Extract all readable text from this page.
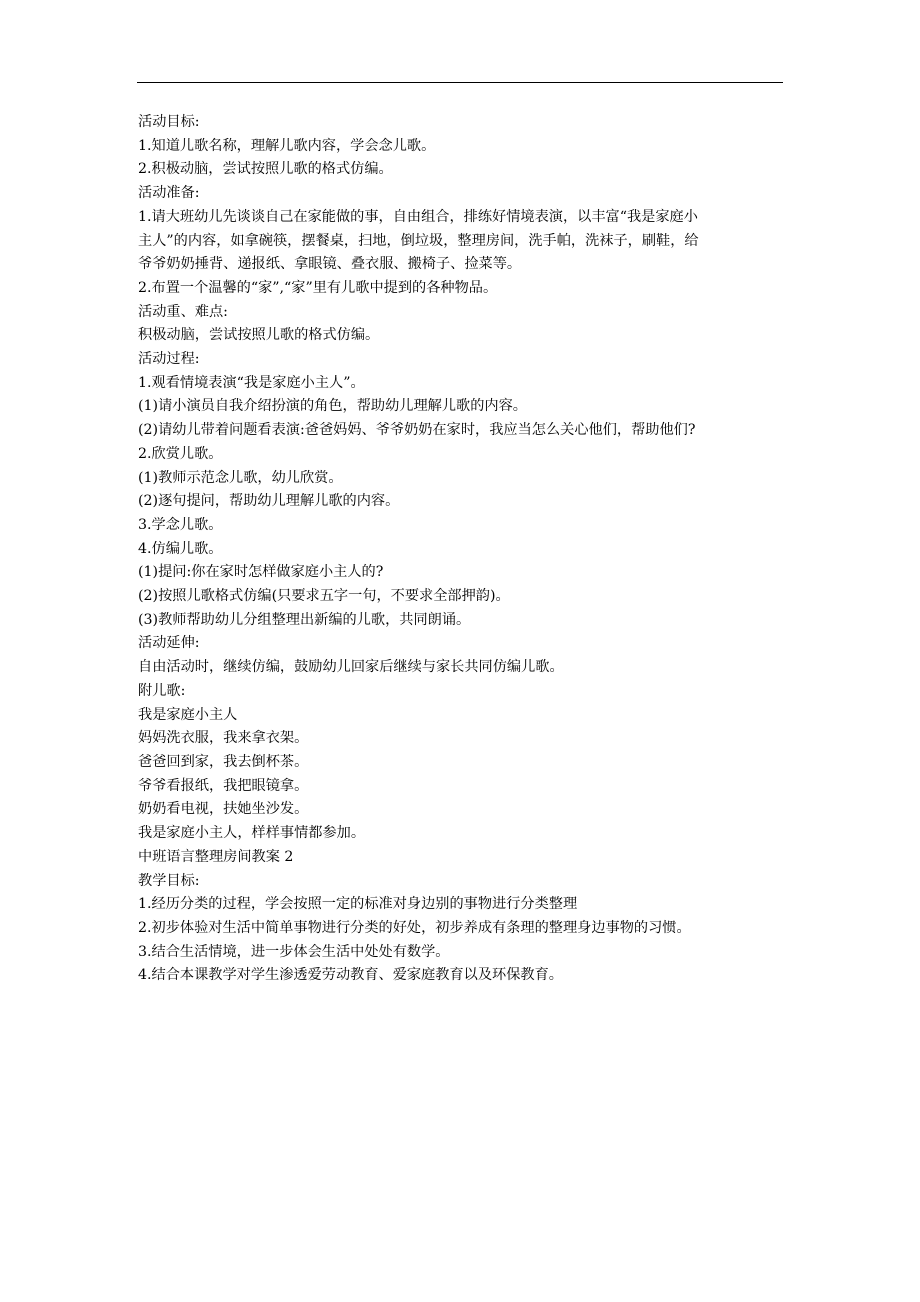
活动目标:
1.知道儿歌名称，理解儿歌内容，学会念儿歌。
2.积极动脑，尝试按照儿歌的格式仿编。
活动准备:
1.请大班幼儿先谈谈自己在家能做的事，自由组合，排练好情境表演，以丰富“我是家庭小
主人”的内容，如拿碗筷，摆餐桌，扫地，倒垃圾，整理房间，洗手帕，洗袜子，刷鞋，给
爷爷奶奶捶背、递报纸、拿眼镜、叠衣服、搬椅子、捡菜等。
2.布置一个温馨的“家”,“家”里有儿歌中提到的各种物品。
活动重、难点:
积极动脑，尝试按照儿歌的格式仿编。
活动过程:
1.观看情境表演“我是家庭小主人”。
(1)请小演员自我介绍扮演的角色，帮助幼儿理解儿歌的内容。
(2)请幼儿带着问题看表演:爸爸妈妈、爷爷奶奶在家时，我应当怎么关心他们，帮助他们?
2.欣赏儿歌。
(1)教师示范念儿歌，幼儿欣赏。
(2)逐句提问，帮助幼儿理解儿歌的内容。
3.学念儿歌。
4.仿编儿歌。
(1)提问:你在家时怎样做家庭小主人的?
(2)按照儿歌格式仿编(只要求五字一句，不要求全部押韵)。
(3)教师帮助幼儿分组整理出新编的儿歌，共同朗诵。
活动延伸:
自由活动时，继续仿编，鼓励幼儿回家后继续与家长共同仿编儿歌。
附儿歌:
我是家庭小主人
妈妈洗衣服，我来拿衣架。
爸爸回到家，我去倒杯茶。
爷爷看报纸，我把眼镜拿。
奶奶看电视，扶她坐沙发。
我是家庭小主人，样样事情都参加。
中班语言整理房间教案 2
教学目标:
1.经历分类的过程，学会按照一定的标准对身边别的事物进行分类整理
2.初步体验对生活中简单事物进行分类的好处，初步养成有条理的整理身边事物的习惯。
3.结合生活情境，进一步体会生活中处处有数学。
4.结合本课教学对学生渗透爱劳动教育、爱家庭教育以及环保教育。
